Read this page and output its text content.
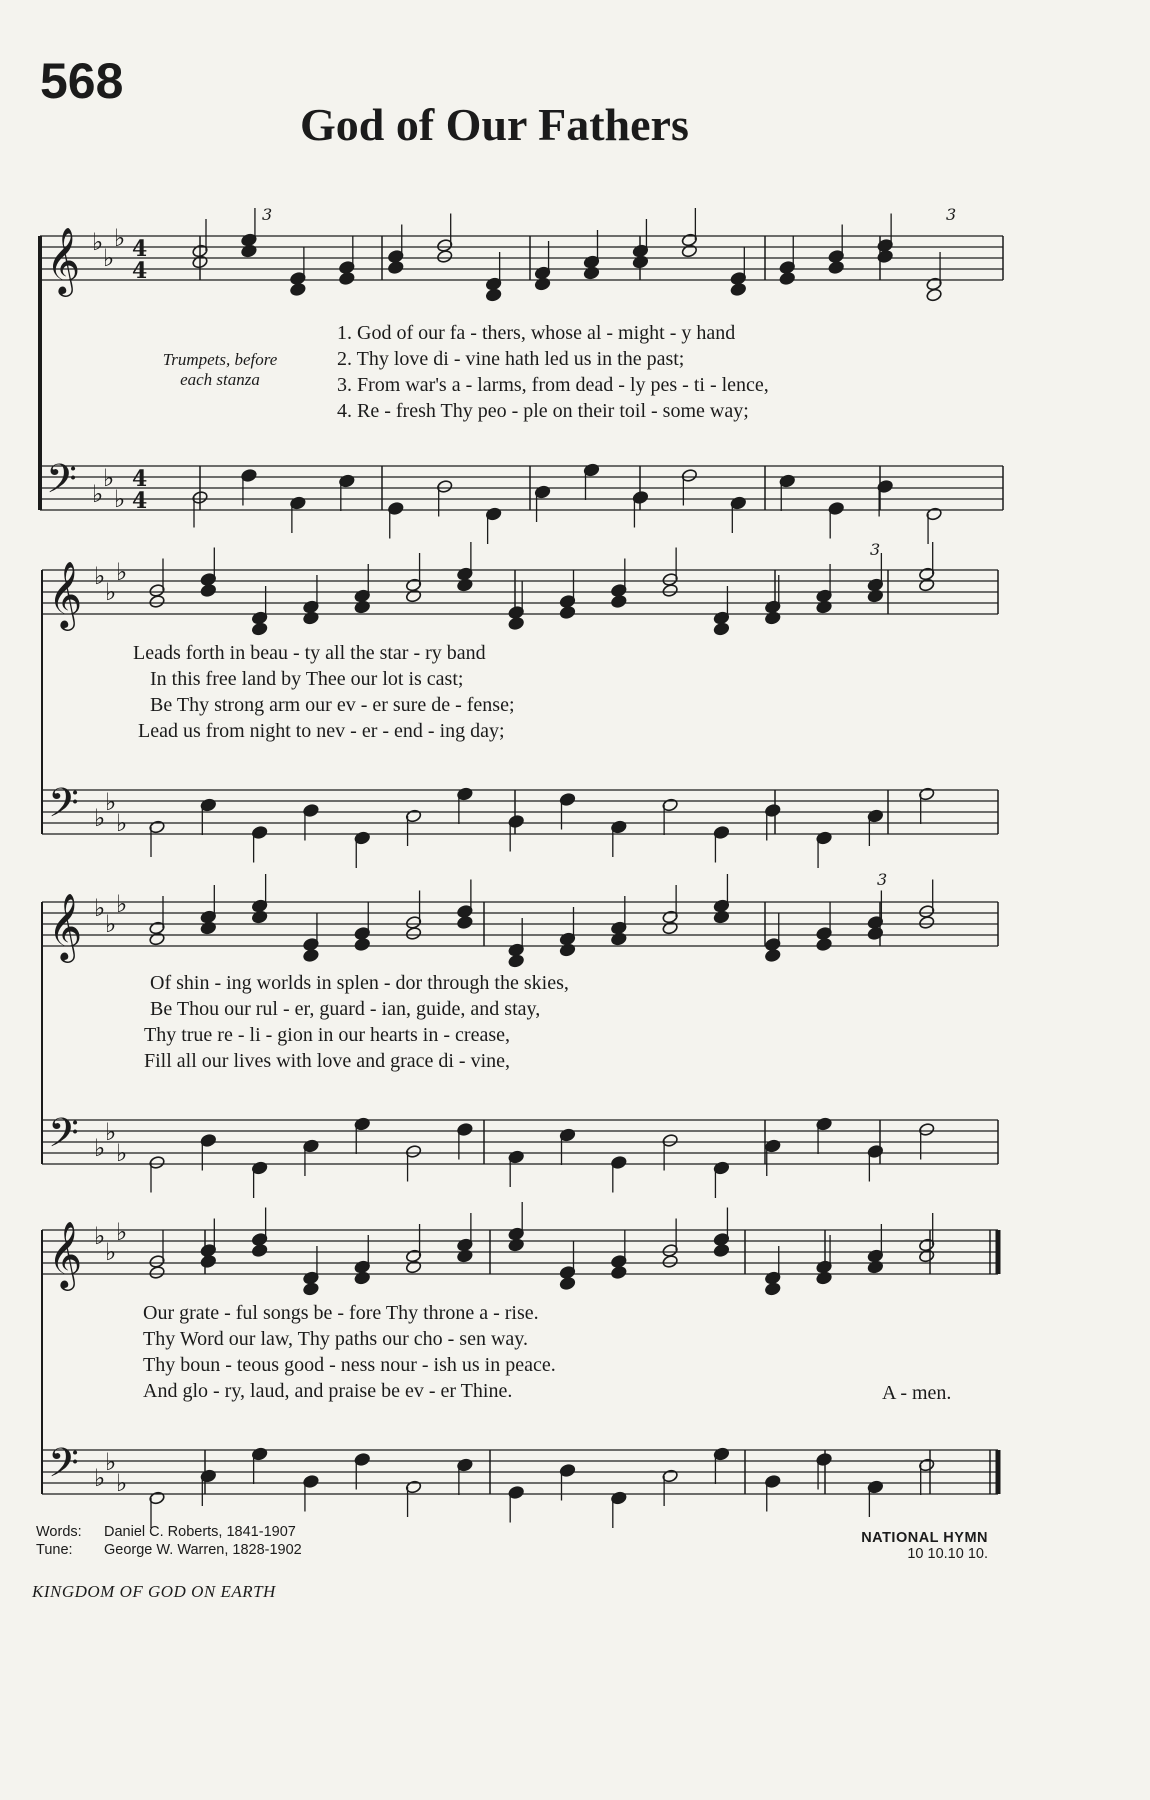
568
God of Our Fathers

𝄞 ♭
♭
♭ 4
4
𝄢 ♭
♭
♭
4
4
𝄞 ♭
♭
♭
𝄢 ♭
♭
♭
𝄞 ♭
♭
♭
𝄢 ♭
♭
♭
𝄞 ♭
♭
♭
𝄢 ♭
♭
♭
3	3
3
3
Trumpets, before
each stanza
1. God of our fa - thers, whose al - might - y hand
2. Thy love di - vine hath led us in the past;
3. From war's a - larms, from dead - ly pes - ti - lence,
4. Re - fresh Thy peo - ple on their toil - some way;
Leads forth in beau - ty all the star - ry band
In this free land by Thee our lot is cast;
Be Thy strong arm our ev - er sure de - fense;
Lead us from night to nev - er - end - ing day;
Of shin - ing worlds in splen - dor through the skies,
Be Thou our rul - er, guard - ian, guide, and stay,
Thy true re - li - gion in our hearts in - crease,
Fill all our lives with love and grace di - vine,
Our grate - ful songs be - fore Thy throne a - rise.
Thy Word our law, Thy paths our cho - sen way.
Thy boun - teous good - ness nour - ish us in peace.
And glo - ry, laud, and praise be ev - er Thine.	A - men.
Words:
Tune:
Daniel C. Roberts, 1841-1907
George W. Warren, 1828-1902
NATIONAL HYMN
10 10.10 10.
KINGDOM OF GOD ON EARTH
